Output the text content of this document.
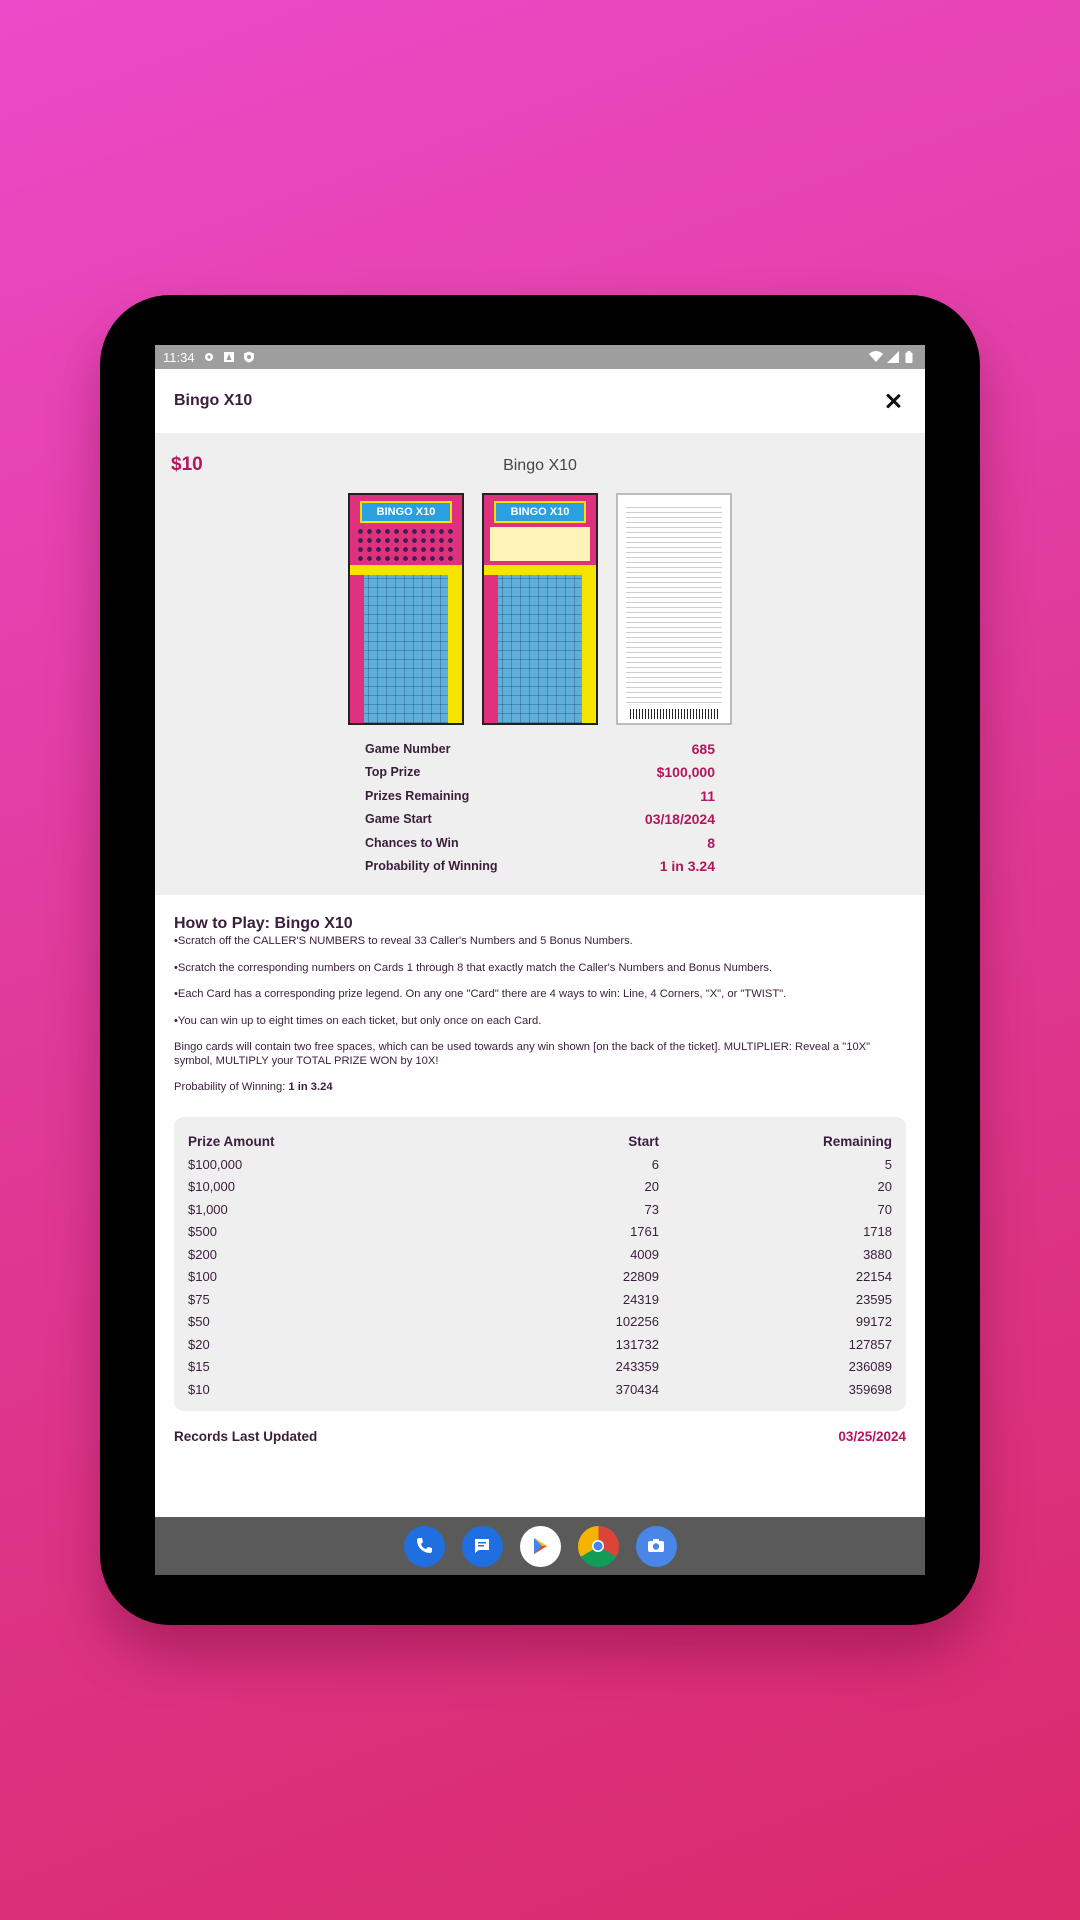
11:34
Bingo X10
$10	Bingo X10
BINGO X10	BINGO X10
Game Number	685
Top Prize	$100,000
Prizes Remaining	11
Game Start	03/18/2024
Chances to Win	8
Probability of Winning	1 in 3.24
How to Play: Bingo X10

•Scratch off the CALLER'S NUMBERS to reveal 33 Caller's Numbers and 5 Bonus Numbers.

•Scratch the corresponding numbers on Cards 1 through 8 that exactly match the Caller's Numbers and Bonus Numbers.

•Each Card has a corresponding prize legend. On any one "Card" there are 4 ways to win: Line, 4 Corners, "X", or "TWIST".

•You can win up to eight times on each ticket, but only once on each Card.

Bingo cards will contain two free spaces, which can be used towards any win shown [on the back of the ticket]. MULTIPLIER: Reveal a "10X" symbol, MULTIPLY your TOTAL PRIZE WON by 10X!

Probability of Winning: 1 in 3.24

Prize Amount	Start	Remaining
$100,000	6	5
$10,000	20	20
$1,000	73	70
$500	1761	1718
$200	4009	3880
$100	22809	22154
$75	24319	23595
$50	102256	99172
$20	131732	127857
$15	243359	236089
$10	370434	359698
Records Last Updated	03/25/2024
